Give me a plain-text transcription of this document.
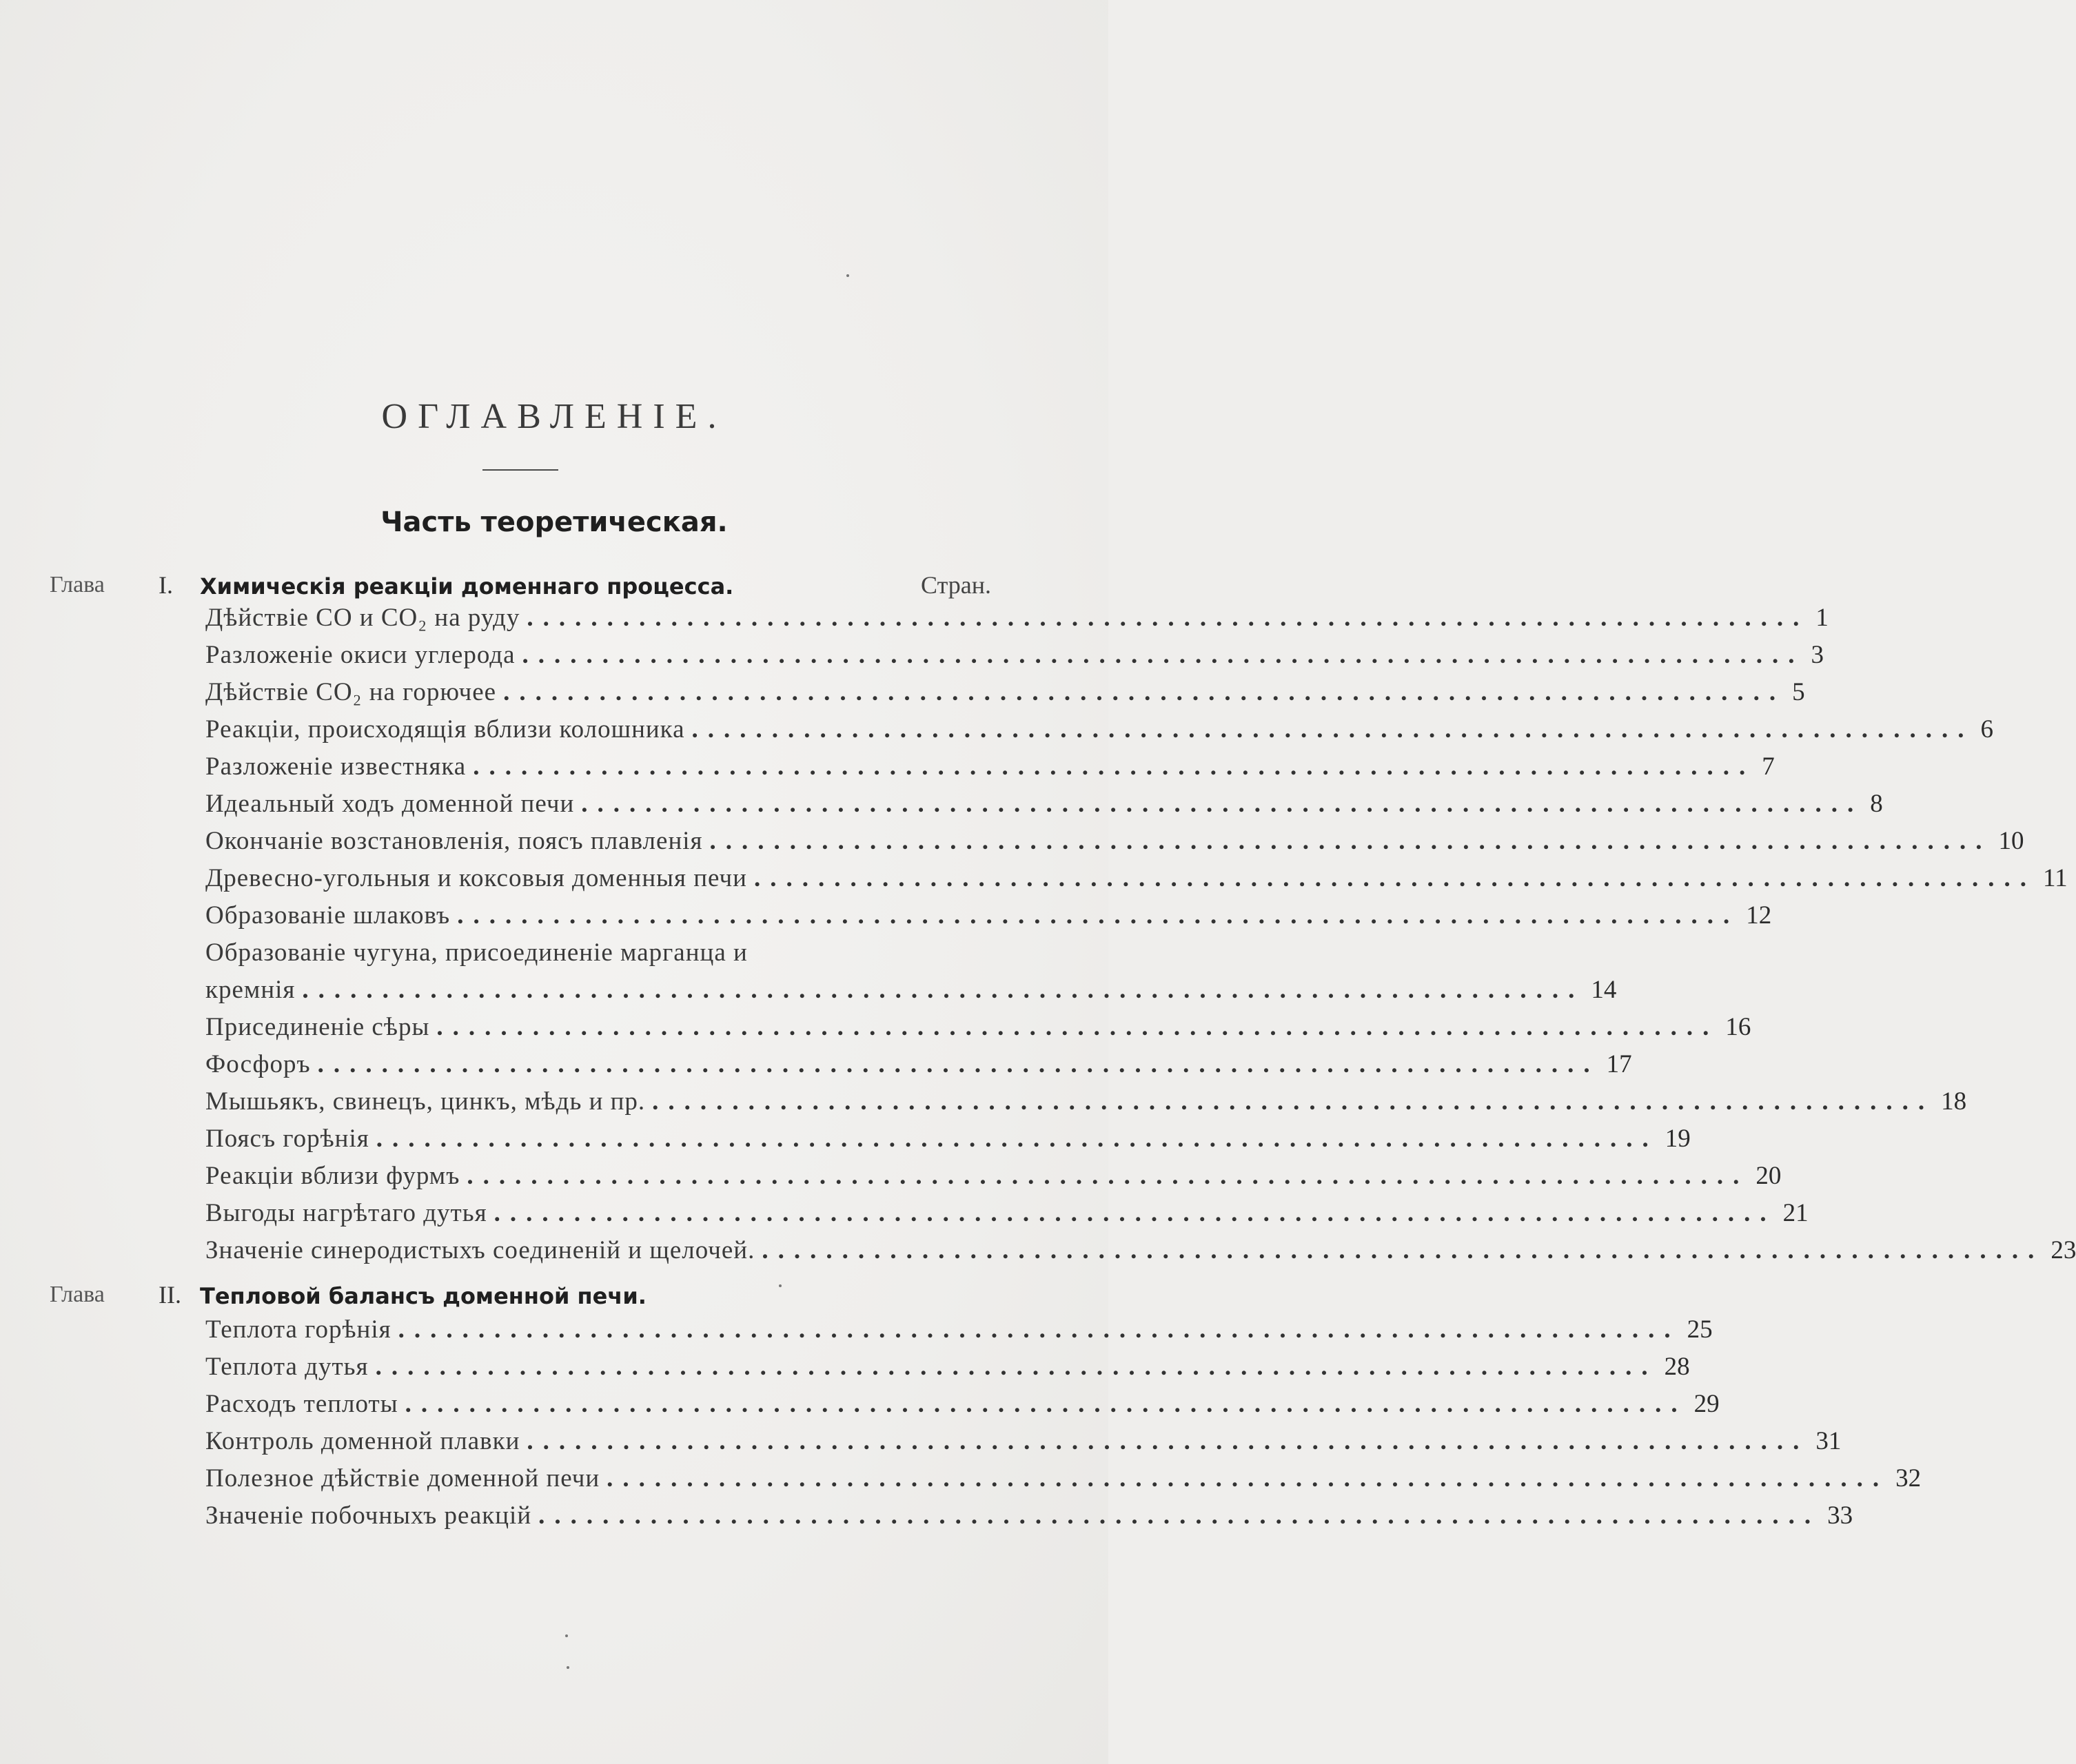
ОГЛАВЛЕНІЕ.
Часть теоретическая.
Глава I. Химическія реакціи доменнаго процесса.	Стран.
Дѣйствіе СО и СО₂ на руду ................................................................................ 1
Разложеніе окиси углерода ................................................................................ 3
Дѣйствіе СО₂ на горючее ................................................................................ 5
Реакціи, происходящія вблизи колошника ................................................................................ 6
Разложеніе известняка ................................................................................ 7
Идеальный ходъ доменной печи ................................................................................ 8
Окончаніе возстановленія, поясъ плавленія ................................................................................ 10
Древесно-угольныя и коксовыя доменныя печи ................................................................................ 11
Образованіе шлаковъ ................................................................................ 12
Образованіе чугуна, присоединеніе марганца и
кремнія ................................................................................ 14
Присединеніе сѣры ................................................................................ 16
Фосфоръ ................................................................................ 17
Мышьякъ, свинецъ, цинкъ, мѣдь и пр. ................................................................................ 18
Поясъ горѣнія ................................................................................ 19
Реакціи вблизи фурмъ ................................................................................ 20
Выгоды нагрѣтаго дутья ................................................................................ 21
Значеніе синеродистыхъ соединеній и щелочей. ................................................................................ 23
Глава II. Тепловой балансъ доменной печи.
Теплота горѣнія ................................................................................ 25
Теплота дутья ................................................................................ 28
Расходъ теплоты ................................................................................ 29
Контроль доменной плавки ................................................................................ 31
Полезное дѣйствіе доменной печи ................................................................................ 32
Значеніе побочныхъ реакцій ................................................................................ 33
